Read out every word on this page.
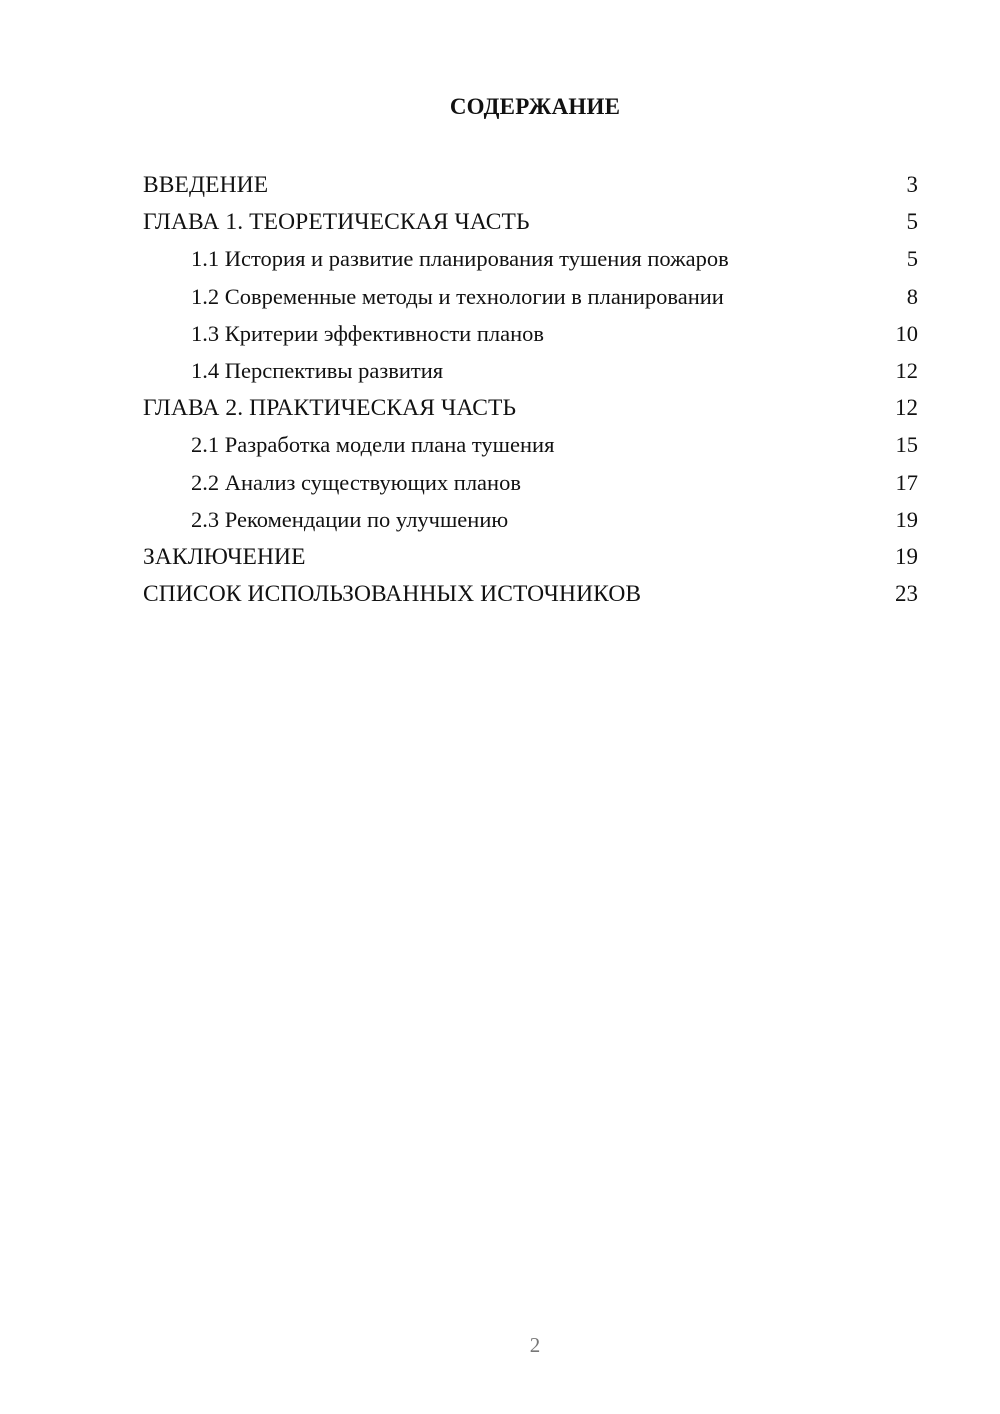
СОДЕРЖАНИЕ
ВВЕДЕНИЕ	3
ГЛАВА 1. ТЕОРЕТИЧЕСКАЯ ЧАСТЬ	5
1.1 История и развитие планирования тушения пожаров	5
1.2 Современные методы и технологии в планировании	8
1.3 Критерии эффективности планов	10
1.4 Перспективы развития	12
ГЛАВА 2. ПРАКТИЧЕСКАЯ ЧАСТЬ	12
2.1 Разработка модели плана тушения	15
2.2 Анализ существующих планов	17
2.3 Рекомендации по улучшению	19
ЗАКЛЮЧЕНИЕ	19
СПИСОК ИСПОЛЬЗОВАННЫХ ИСТОЧНИКОВ	23
2
